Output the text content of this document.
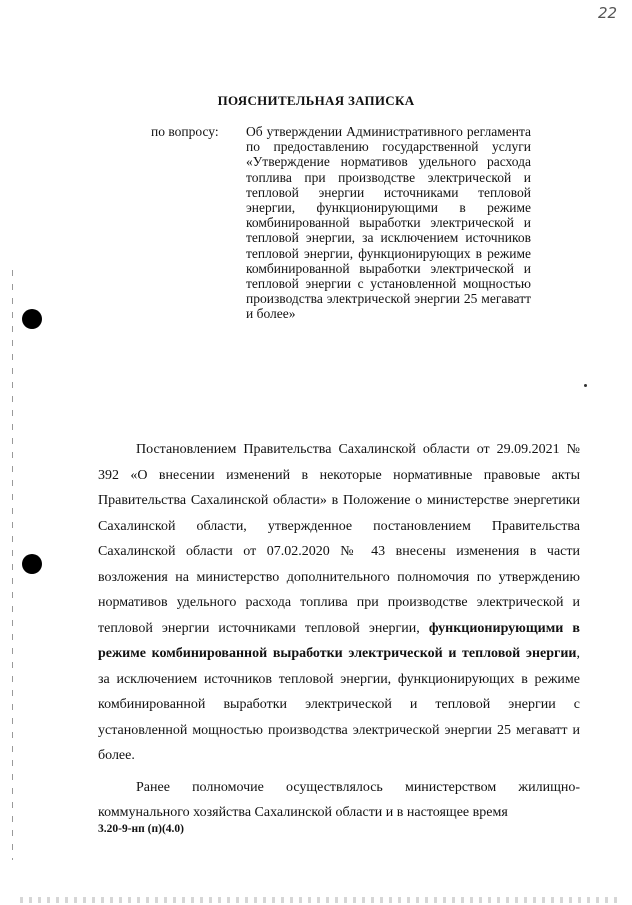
22
ПОЯСНИТЕЛЬНАЯ ЗАПИСКА
по вопросу: Об утверждении Административного регламента по предоставлению государственной услуги «Утверждение нормативов удельного расхода топлива при производстве электрической и тепловой энергии источниками тепловой энергии, функционирующими в режиме комбинированной выработки электрической и тепловой энергии, за исключением источников тепловой энергии, функционирующих в режиме комбинированной выработки электрической и тепловой энергии с установленной мощностью производства электрической энергии 25 мегаватт и более»

Постановлением Правительства Сахалинской области от 29.09.2021 № 392 «О внесении изменений в некоторые нормативные правовые акты Правительства Сахалинской области» в Положение о министерстве энергетики Сахалинской области, утвержденное постановлением Правительства Сахалинской области от 07.02.2020 № 43 внесены изменения в части возложения на министерство дополнительного полномочия по утверждению нормативов удельного расхода топлива при производстве электрической и тепловой энергии источниками тепловой энергии, функционирующими в режиме комбинированной выработки электрической и тепловой энергии, за исключением источников тепловой энергии, функционирующих в режиме комбинированной выработки электрической и тепловой энергии с установленной мощностью производства электрической энергии 25 мегаватт и более.

Ранее полномочие осуществлялось министерством жилищно-коммунального хозяйства Сахалинской области и в настоящее время

3.20-9-нп (п)(4.0)
